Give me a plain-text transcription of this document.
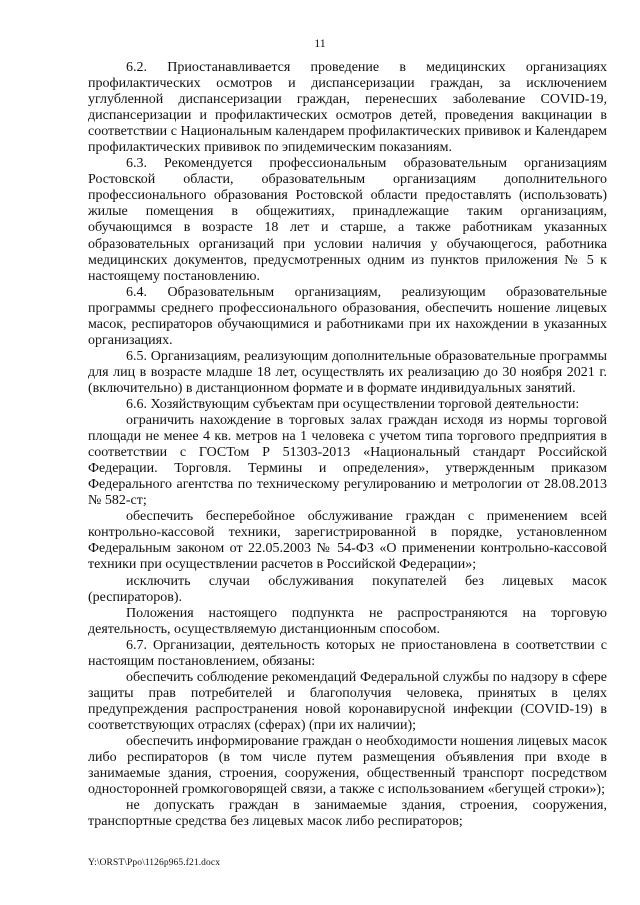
11

6.2. Приостанавливается проведение в медицинских организациях профилактических осмотров и диспансеризации граждан, за исключением углубленной диспансеризации граждан, перенесших заболевание COVID-19, диспансеризации и профилактических осмотров детей, проведения вакцинации в соответствии с Национальным календарем профилактических прививок и Календарем профилактических прививок по эпидемическим показаниям.

6.3. Рекомендуется профессиональным образовательным организациям Ростовской области, образовательным организациям дополнительного профессионального образования Ростовской области предоставлять (использовать) жилые помещения в общежитиях, принадлежащие таким организациям, обучающимся в возрасте 18 лет и старше, а также работникам указанных образовательных организаций при условии наличия у обучающегося, работника медицинских документов, предусмотренных одним из пунктов приложения № 5 к настоящему постановлению.

6.4. Образовательным организациям, реализующим образовательные программы среднего профессионального образования, обеспечить ношение лицевых масок, респираторов обучающимися и работниками при их нахождении в указанных организациях.

6.5. Организациям, реализующим дополнительные образовательные программы для лиц в возрасте младше 18 лет, осуществлять их реализацию до 30 ноября 2021 г. (включительно) в дистанционном формате и в формате индивидуальных занятий.

6.6. Хозяйствующим субъектам при осуществлении торговой деятельности:

ограничить нахождение в торговых залах граждан исходя из нормы торговой площади не менее 4 кв. метров на 1 человека с учетом типа торгового предприятия в соответствии с ГОСТом Р 51303-2013 «Национальный стандарт Российской Федерации. Торговля. Термины и определения», утвержденным приказом Федерального агентства по техническому регулированию и метрологии от 28.08.2013 № 582-ст;

обеспечить бесперебойное обслуживание граждан с применением всей контрольно-кассовой техники, зарегистрированной в порядке, установленном Федеральным законом от 22.05.2003 № 54-ФЗ «О применении контрольно-кассовой техники при осуществлении расчетов в Российской Федерации»;

исключить случаи обслуживания покупателей без лицевых масок (респираторов).

Положения настоящего подпункта не распространяются на торговую деятельность, осуществляемую дистанционным способом.

6.7. Организации, деятельность которых не приостановлена в соответствии с настоящим постановлением, обязаны:

обеспечить соблюдение рекомендаций Федеральной службы по надзору в сфере защиты прав потребителей и благополучия человека, принятых в целях предупреждения распространения новой коронавирусной инфекции (COVID-19) в соответствующих отраслях (сферах) (при их наличии);

обеспечить информирование граждан о необходимости ношения лицевых масок либо респираторов (в том числе путем размещения объявления при входе в занимаемые здания, строения, сооружения, общественный транспорт посредством односторонней громкоговорящей связи, а также с использованием «бегущей строки»);

не допускать граждан в занимаемые здания, строения, сооружения, транспортные средства без лицевых масок либо респираторов;

Y:\ORST\Ppo\1126p965.f21.docx
